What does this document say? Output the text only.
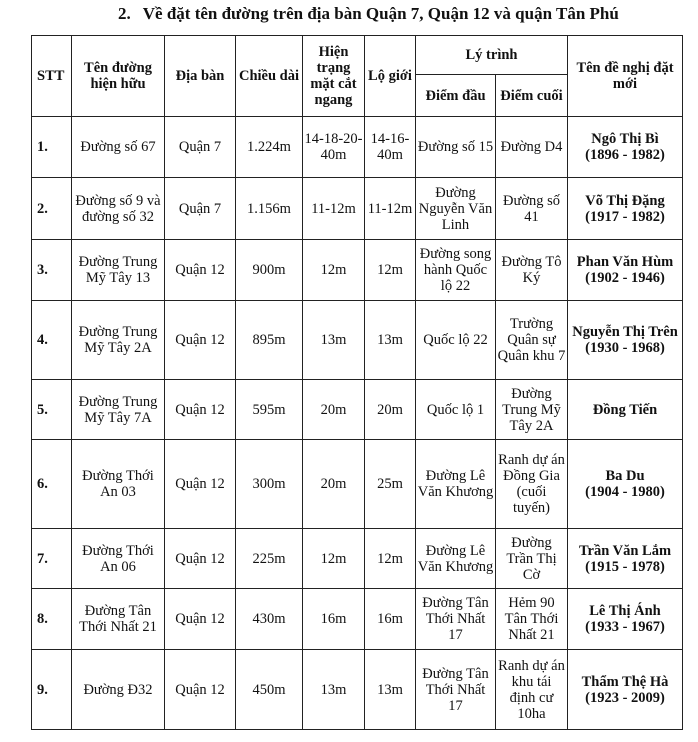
2. Về đặt tên đường trên địa bàn Quận 7, Quận 12 và quận Tân Phú
STT	Tên đường hiện hữu	Địa bàn	Chiều dài	Hiện trạng mặt cắt ngang	Lộ giới	Lý trình		Tên đề nghị đặt mới
						Điểm đầu	Điểm cuối	
1.	Đường số 67	Quận 7	1.224m	14-18-20-40m	14-16-40m	Đường số 15	Đường D4	Ngô Thị Bì
(1896 - 1982)

2.	Đường số 9 và đường số 32	Quận 7	1.156m	11-12m	11-12m	Đường Nguyễn Văn Linh	Đường số 41	Võ Thị Đặng
(1917 - 1982)

3.	Đường Trung Mỹ Tây 13	Quận 12	900m	12m	12m	Đường song hành Quốc lộ 22	Đường Tô Ký	Phan Văn Hùm
(1902 - 1946)

4.	Đường Trung Mỹ Tây 2A	Quận 12	895m	13m	13m	Quốc lộ 22	Trường Quân sự Quân khu 7	Nguyễn Thị Trên
(1930 - 1968)

5.	Đường Trung Mỹ Tây 7A	Quận 12	595m	20m	20m	Quốc lộ 1	Đường Trung Mỹ Tây 2A	Đồng Tiến

6.	Đường Thới An 03	Quận 12	300m	20m	25m	Đường Lê Văn Khương	Ranh dự án Đồng Gia (cuối tuyến)	Ba Du
(1904 - 1980)

7.	Đường Thới An 06	Quận 12	225m	12m	12m	Đường Lê Văn Khương	Đường Trần Thị Cờ	Trần Văn Lắm
(1915 - 1978)

8.	Đường Tân Thới Nhất 21	Quận 12	430m	16m	16m	Đường Tân Thới Nhất 17	Hẻm 90 Tân Thới Nhất 21	Lê Thị Ánh
(1933 - 1967)

9.	Đường Đ32	Quận 12	450m	13m	13m	Đường Tân Thới Nhất 17	Ranh dự án khu tái định cư 10ha	Thẩm Thệ Hà
(1923 - 2009)
